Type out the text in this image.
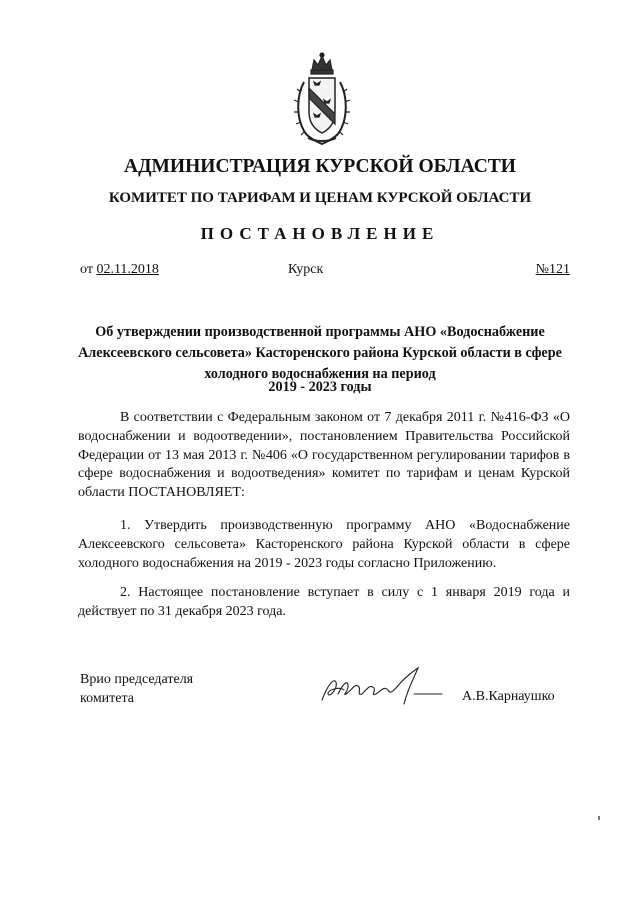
АДМИНИСТРАЦИЯ КУРСКОЙ ОБЛАСТИ
КОМИТЕТ ПО ТАРИФАМ И ЦЕНАМ КУРСКОЙ ОБЛАСТИ
ПОСТАНОВЛЕНИЕ
от 02.11.2018	Курск	№121
Об утверждении производственной программы АНО «Водоснабжение Алексеевского сельсовета» Касторенского района Курской области в сфере холодного водоснабжения на период
2019 - 2023 годы

В соответствии с Федеральным законом от 7 декабря 2011 г. №416-ФЗ «О водоснабжении и водоотведении», постановлением Правительства Российской Федерации от 13 мая 2013 г. №406 «О государственном регулировании тарифов в сфере водоснабжения и водоотведения» комитет по тарифам и ценам Курской области ПОСТАНОВЛЯЕТ:

1. Утвердить производственную программу АНО «Водоснабжение Алексеевского сельсовета» Касторенского района Курской области в сфере холодного водоснабжения на 2019 - 2023 годы согласно Приложению.

2. Настоящее постановление вступает в силу с 1 января 2019 года и действует по 31 декабря 2023 года.

Врио председателя
комитета	А.В.Карнаушко
